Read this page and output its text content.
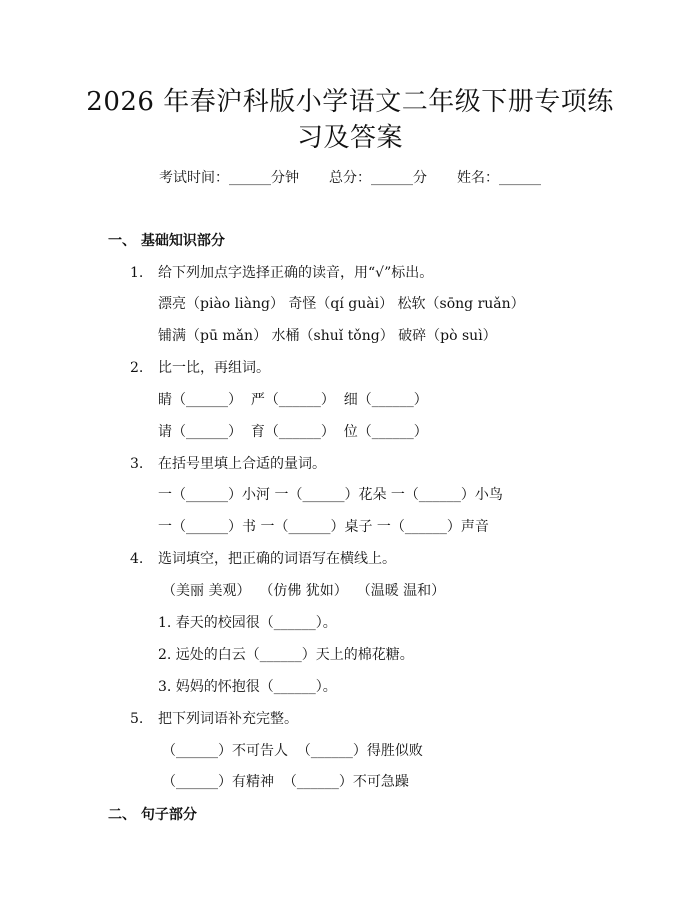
2026 年春沪科版小学语文二年级下册专项练
习及答案
考试时间：______分钟 总分：______分 姓名：______
一、 基础知识部分
1. 给下列加点字选择正确的读音，用“√”标出。
漂亮（piào liàng） 奇怪（qí guài） 松软（sōng ruǎn）
铺满（pū mǎn） 水桶（shuǐ tǒng） 破碎（pò suì）
2. 比一比，再组词。
睛（______）  严（______）  细（______）
请（______）  育（______）  位（______）
3. 在括号里填上合适的量词。
一（______）小河 一（______）花朵 一（______）小鸟
一（______）书 一（______）桌子 一（______）声音
4. 选词填空，把正确的词语写在横线上。
（美丽 美观）  （仿佛 犹如）  （温暖 温和）
1. 春天的校园很（______）。
2. 远处的白云（______）天上的棉花糖。
3. 妈妈的怀抱很（______）。
5. 把下列词语补充完整。
（______）不可告人  （______）得胜似败
（______）有精神  （______）不可急躁
二、 句子部分
